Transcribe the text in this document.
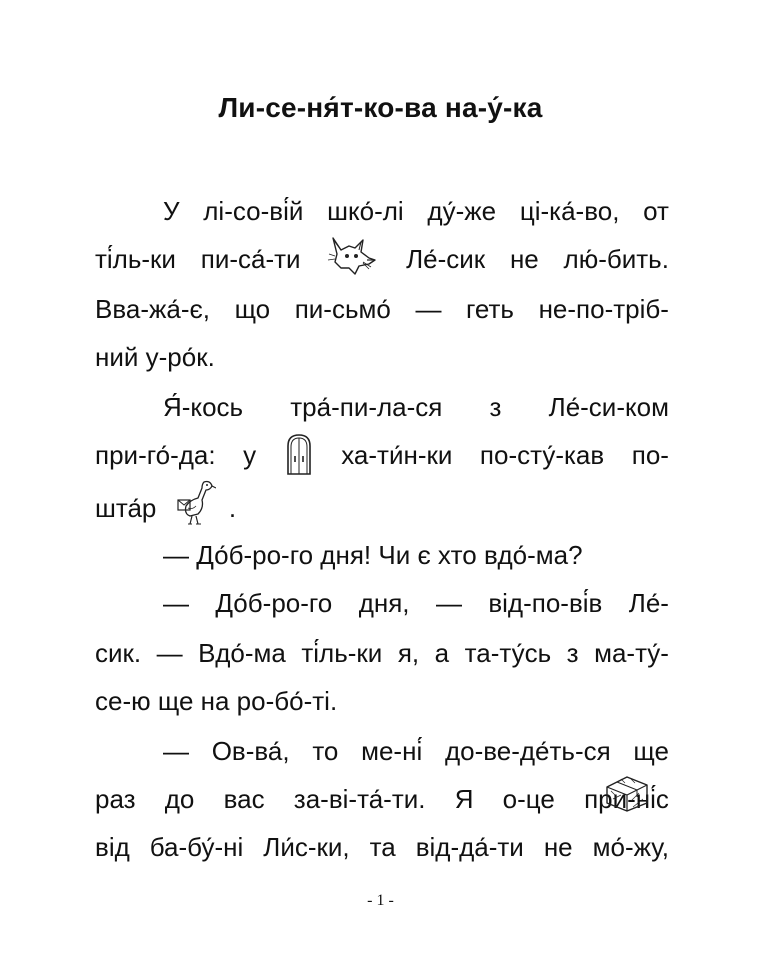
Ли-се-ня́т-ко-ва на-у́-ка
У лі-со-ві́й шко́-лі ду́-же ці-ка́-во, от
ті́ль-ки пи-са́-ти	Ле́-сик не лю́-бить.
Вва-жа́-є, що пи-сьмо́ — геть не-по-тріб-
ний у-ро́к.
Я́-кось тра́-пи-ла-ся з Ле́-си-ком
при-го́-да: у	ха-ти́н-ки по-сту́-кав по-
шта́р	.
— До́б-ро-го дня! Чи є хто вдо́-ма?
— До́б-ро-го дня, — від-по-ві́в Ле́-
сик. — Вдо́-ма ті́ль-ки я, а та-ту́сь з ма-ту́-
се-ю ще на ро-бо́-ті.
— Ов-ва́, то ме-ні́ до-ве-де́ть-ся ще
раз до вас за-ві-та́-ти. Я о-це при-ні́с
від ба-бу́-ні Ли́с-ки, та від-да́-ти не мо́-жу,
- 1 -
